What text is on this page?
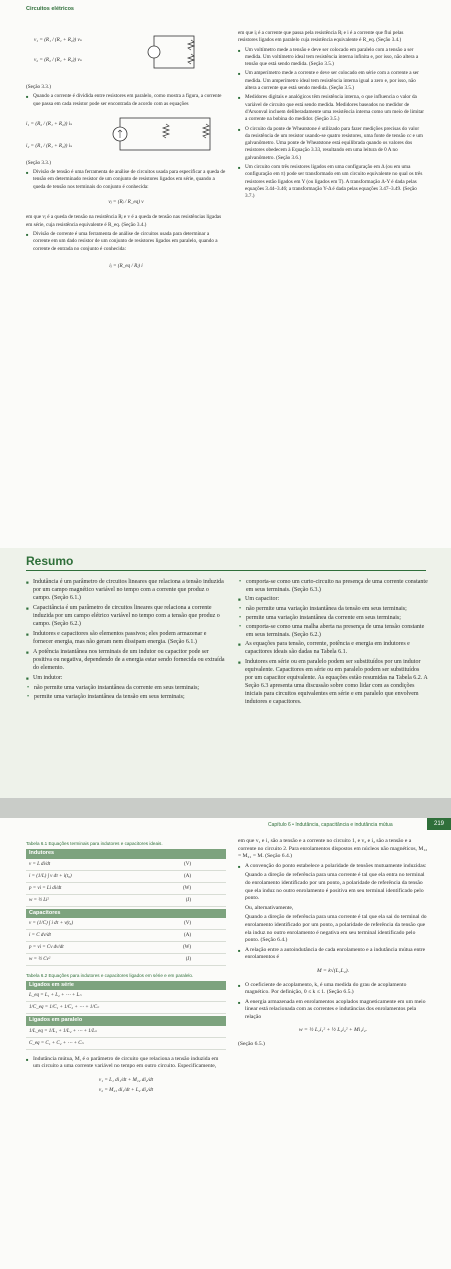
Circuitos elétricos
v₁ = (R₁ / (R₁ + R₂)) vₛ
v₂ = (R₂ / (R₁ + R₂)) vₛ

(Seção 3.3.)

■ Quando a corrente é dividida entre resistores em paralelo, como mostra a figura, a corrente que passa em cada resistor pode ser encontrada de acordo com as equações
i₁ = (R₂ / (R₁ + R₂)) iₛ
i₂ = (R₁ / (R₁ + R₂)) iₛ

(Seção 3.3.)

■ Divisão de tensão é uma ferramenta de análise de circuitos usada para especificar a queda de tensão em determinado resistor de um conjunto de resistores ligados em série, quando a queda de tensão nos terminais do conjunto é conhecida:
vⱼ = (Rⱼ / R_eq) v

em que vⱼ é a queda de tensão na resistência Rⱼ e v é a queda de tensão nas resistências ligadas em série, cuja resistência equivalente é R_eq. (Seção 3.4.)

■ Divisão de corrente é uma ferramenta de análise de circuitos usada para determinar a corrente em um dado resistor de um conjunto de resistores ligados em paralelo, quando a corrente de entrada no conjunto é conhecida:
iⱼ = (R_eq / Rⱼ) i

em que iⱼ é a corrente que passa pela resistência Rⱼ e i é a corrente que flui pelas resistores ligados em paralelo cuja resistência equivalente é R_eq. (Seção 3.4.)

■ Um voltímetro mede a tensão e deve ser colocado em paralelo com a tensão a ser medida. Um voltímetro ideal tem resistência interna infinita e, por isso, não altera a tensão que está sendo medida. (Seção 3.5.)
■ Um amperímetro mede a corrente e deve ser colocado em série com a corrente a ser medida. Um amperímetro ideal tem resistência interna igual a zero e, por isso, não altera a corrente que está sendo medida. (Seção 3.5.)
■ Medidores digitais e analógicos têm resistência interna, o que influencia o valor da variável de circuito que está sendo medida. Medidores baseados no medidor de d'Arsonval incluem deliberadamente uma resistência interna como um meio de limitar a corrente na bobina do medidor. (Seção 3.5.)
■ O circuito da ponte de Wheatstone é utilizado para fazer medições precisas do valor da resistência de um resistor usando-se quatro resistores, uma fonte de tensão cc e um galvanômetro. Uma ponte de Wheatstone está equilibrada quando os valores dos resistores obedecem à Equação 3.33, resultando em uma leitura de 0 A no galvanômetro. (Seção 3.6.)
■ Um circuito com três resistores ligados em uma configuração em Δ (ou em uma configuração em π) pode ser transformado em um circuito equivalente no qual os três resistores estão ligados em Y (ou ligados em T). A transformação Δ-Y é dada pelas equações 3.44–3.46; a transformação Y-Δ é dada pelas equações 3.47–3.49. (Seção 3.7.)
Resumo
■ Indutância é um parâmetro de circuitos lineares que relaciona a tensão induzida por um campo magnético variável no tempo com a corrente que produz o campo. (Seção 6.1.)
■ Capacitância é um parâmetro de circuitos lineares que relaciona a corrente induzida por um campo elétrico variável no tempo com a tensão que produz o campo. (Seção 6.2.)
■ Indutores e capacitores são elementos passivos; eles podem armazenar e fornecer energia, mas não geram nem dissipam energia. (Seção 6.1.)
■ A potência instantânea nos terminais de um indutor ou capacitor pode ser positiva ou negativa, dependendo de a energia estar sendo fornecida ou extraída do elemento.
■ Um indutor:
• não permite uma variação instantânea da corrente em seus terminais;
• permite uma variação instantânea da tensão em seus terminais;
• comporta-se como um curto-circuito na presença de uma corrente constante em seus terminais. (Seção 6.3.)
■ Um capacitor:
• não permite uma variação instantânea da tensão em seus terminais;
• permite uma variação instantânea da corrente em seus terminais;
• comporta-se como uma malha aberta na presença de uma tensão constante em seus terminais. (Seção 6.2.)
■ As equações para tensão, corrente, potência e energia em indutores e capacitores ideais são dadas na Tabela 6.1.
■ Indutores em série ou em paralelo podem ser substituídos por um indutor equivalente. Capacitores em série ou em paralelo podem ser substituídos por um capacitor equivalente. As equações estão resumidas na Tabela 6.2. A Seção 6.3 apresenta uma discussão sobre como lidar com as condições iniciais para circuitos equivalentes em série e em paralelo que envolvem indutores e capacitores.
Capítulo 6 • Indutância, capacitância e indutância mútua	219
Tabela 6.1 Equações terminais para indutores e capacitores ideais.
Indutores
v = L di/dt	(V)
i = (1/L) ∫ v dτ + i(t₀)	(A)
p = vi = Li di/dt	(W)
w = ½ Li²	(J)
Capacitores
v = (1/C) ∫ i dτ + v(t₀)	(V)
i = C dv/dt	(A)
p = vi = Cv dv/dt	(W)
w = ½ Cv²	(J)
Tabela 6.2 Equações para indutores e capacitores ligados em série e em paralelo.
Ligados em série
L_eq = L₁ + L₂ + ⋯ + Lₙ
1/C_eq = 1/C₁ + 1/C₂ + ⋯ + 1/Cₙ
Ligados em paralelo
1/L_eq = 1/L₁ + 1/L₂ + ⋯ + 1/Lₙ
C_eq = C₁ + C₂ + ⋯ + Cₙ
■ Indutância mútua, M, é o parâmetro de circuito que relaciona a tensão induzida em um circuito a uma corrente variável no tempo em outro circuito. Especificamente,
v₁ = L₁ di₁/dt + M₁₂ di₂/dt
v₂ = M₂₁ di₁/dt + L₂ di₂/dt

em que v₁ e i₁ são a tensão e a corrente no circuito 1, e v₂ e i₂ são a tensão e a corrente no circuito 2. Para enrolamentos dispostos em núcleos não magnéticos, M₁₂ = M₂₁ = M. (Seção 6.4.)

■ A convenção do ponto estabelece a polaridade de tensões mutuamente induzidas:

Quando a direção de referência para uma corrente é tal que ela entra no terminal do enrolamento identificado por um ponto, a polaridade de referência da tensão que ela induz no outro enrolamento é positiva em seu terminal identificado pelo ponto.

Ou, alternativamente,

Quando a direção de referência para uma corrente é tal que ela sai do terminal do enrolamento identificado por um ponto, a polaridade de referência da tensão que ela induz no outro enrolamento é negativa em seu terminal identificado pelo ponto. (Seção 6.4.)

■ A relação entre a autoindutância de cada enrolamento e a indutância mútua entre enrolamentos é
M = k√(L₁L₂).
■ O coeficiente de acoplamento, k, é uma medida do grau de acoplamento magnético. Por definição, 0 ≤ k ≤ 1. (Seção 6.5.)
■ A energia armazenada em enrolamentos acoplados magneticamente em um meio linear está relacionada com as correntes e indutâncias dos enrolamentos pela relação
w = ½ L₁i₁² + ½ L₂i₂² + Mi₁i₂.

(Seção 6.5.)
